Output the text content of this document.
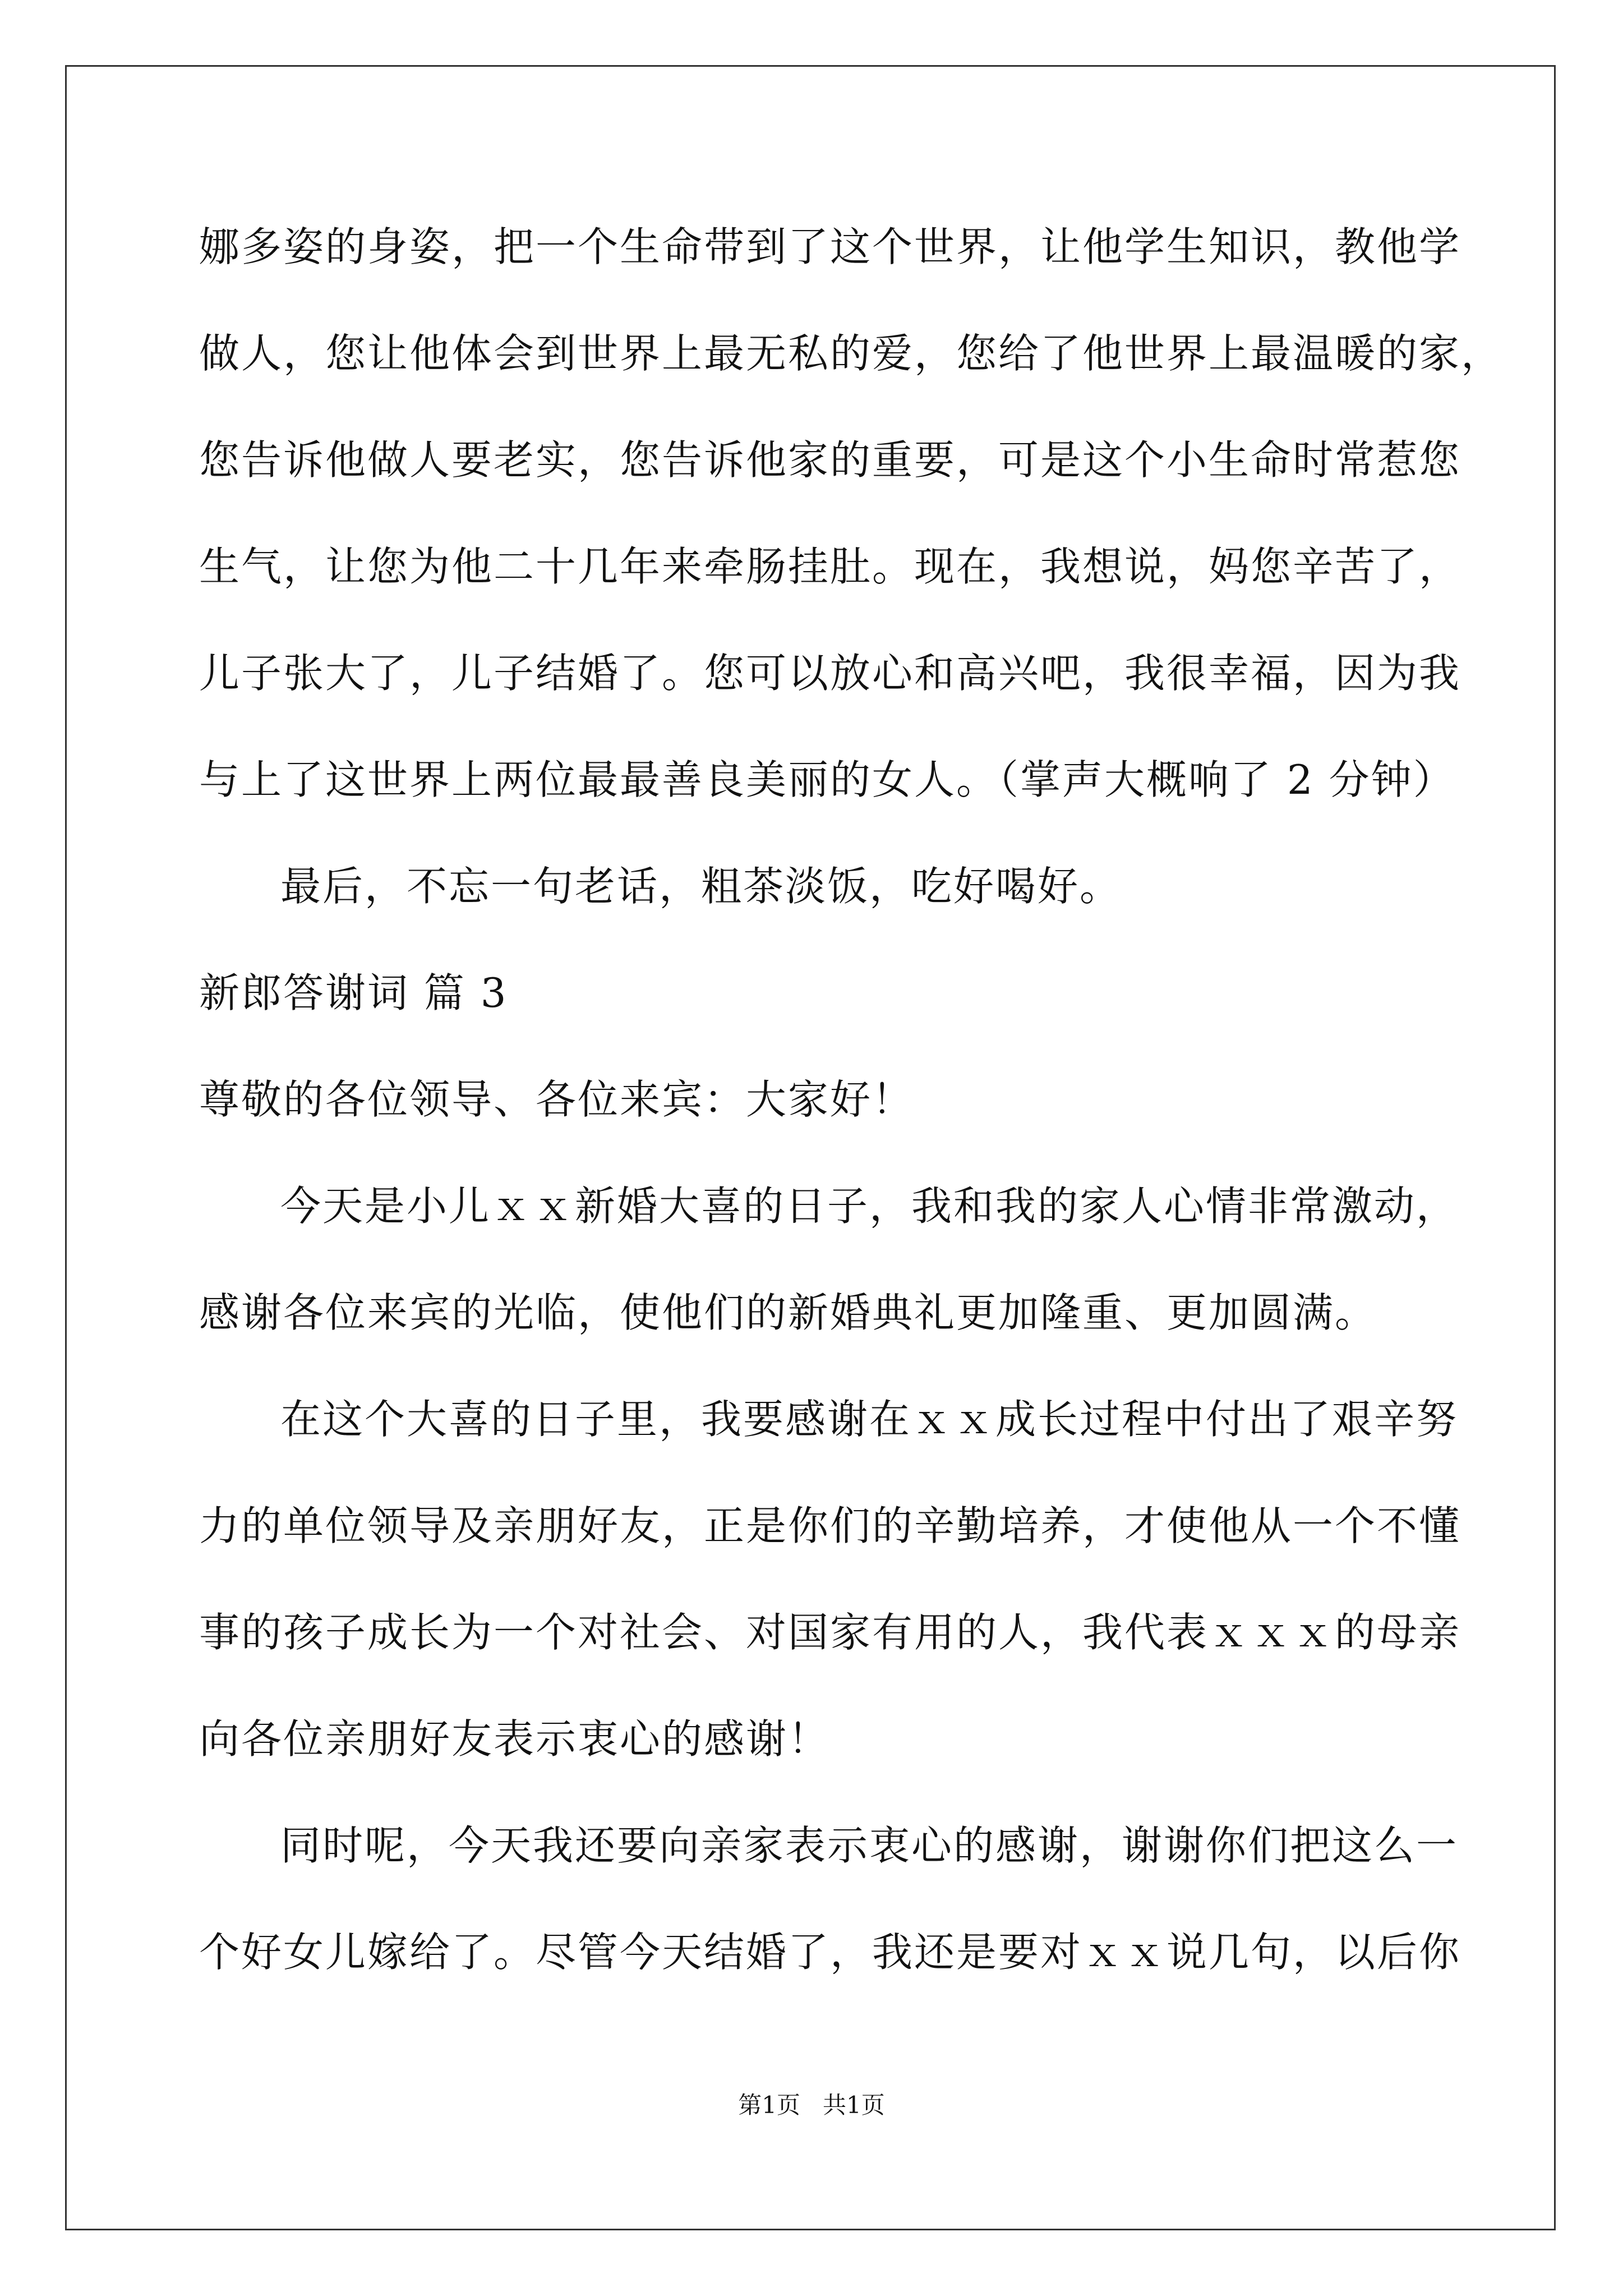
娜多姿的身姿，把一个生命带到了这个世界，让他学生知识，教他学
做人，您让他体会到世界上最无私的爱，您给了他世界上最温暖的家，
您告诉他做人要老实，您告诉他家的重要，可是这个小生命时常惹您
生气，让您为他二十几年来牵肠挂肚。现在，我想说，妈您辛苦了，
儿子张大了，儿子结婚了。您可以放心和高兴吧，我很幸福，因为我
与上了这世界上两位最最善良美丽的女人。（掌声大概响了 2 分钟）
最后，不忘一句老话，粗茶淡饭，吃好喝好。
新郎答谢词 篇 3
尊敬的各位领导、各位来宾：大家好！
今天是小儿ｘｘ新婚大喜的日子，我和我的家人心情非常激动，
感谢各位来宾的光临，使他们的新婚典礼更加隆重、更加圆满。
在这个大喜的日子里，我要感谢在ｘｘ成长过程中付出了艰辛努
力的单位领导及亲朋好友，正是你们的辛勤培养，才使他从一个不懂
事的孩子成长为一个对社会、对国家有用的人，我代表ｘｘｘ的母亲
向各位亲朋好友表示衷心的感谢！
同时呢，今天我还要向亲家表示衷心的感谢，谢谢你们把这么一
个好女儿嫁给了。尽管今天结婚了，我还是要对ｘｘ说几句，以后你
第1页   共1页
